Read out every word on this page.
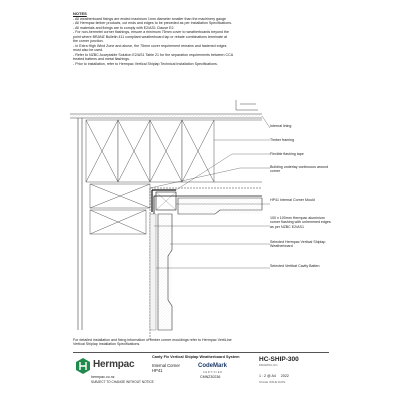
NOTES
- All weatherboard fixings are ended maximum 1mm diameter smaller than the machinery gauge
- All Hermpac timber products, cut ends and edges to be preceded as per Installation Specifications.
- All materials and fixings are to comply with E2/AS1 Clause E2.
- For non-hermetel corner flashings, ensure a minimum 75mm cover to weatherboards beyond the
point where BRANZ Bulletin 411 compliant weatherboard lap or rebate combinations terminate at
the corner junction.
- In Extra High Wind Zone and above, the 75mm cover requirement remains and fastened edges
must also be used.
- Refer to NZBC Acceptable Solution E2/AS1 Table 21 for the separation requirements between CCA
treated battens and metal flashings.
- Prior to installation, refer to Hermpac Vertical Shiplap Technical Installation Specifications.
Internal lining
Timber framing
Flexible flashing tape
Building underlay continuous around corner
HP41 Internal Corner Mould
100 x 100mm Hermpac aluminium corner flashing with unhemmed edges as per NZBC E2/AS1
Selected Hermpac Vertical Shiplap Weatherboard
Selected Vertibat Cavity Batten
For detailed installation and fixing information of timber corner mouldings refer to Hermpac VertiLine Vertical Shiplap Installation Specifications.
Hermpac
hermpac.co.nz
SUBJECT TO CHANGE WITHOUT NOTICE
Canty Fix Vertical Shiplap Weatherboard System
Internal Corner
HP41
CodeMark
CERTIFIED
CMNZ30236
HC-SHIP-300
DRAWING NO.
1 : 2 @ A4 2022
SCALE ISSUE DATE
